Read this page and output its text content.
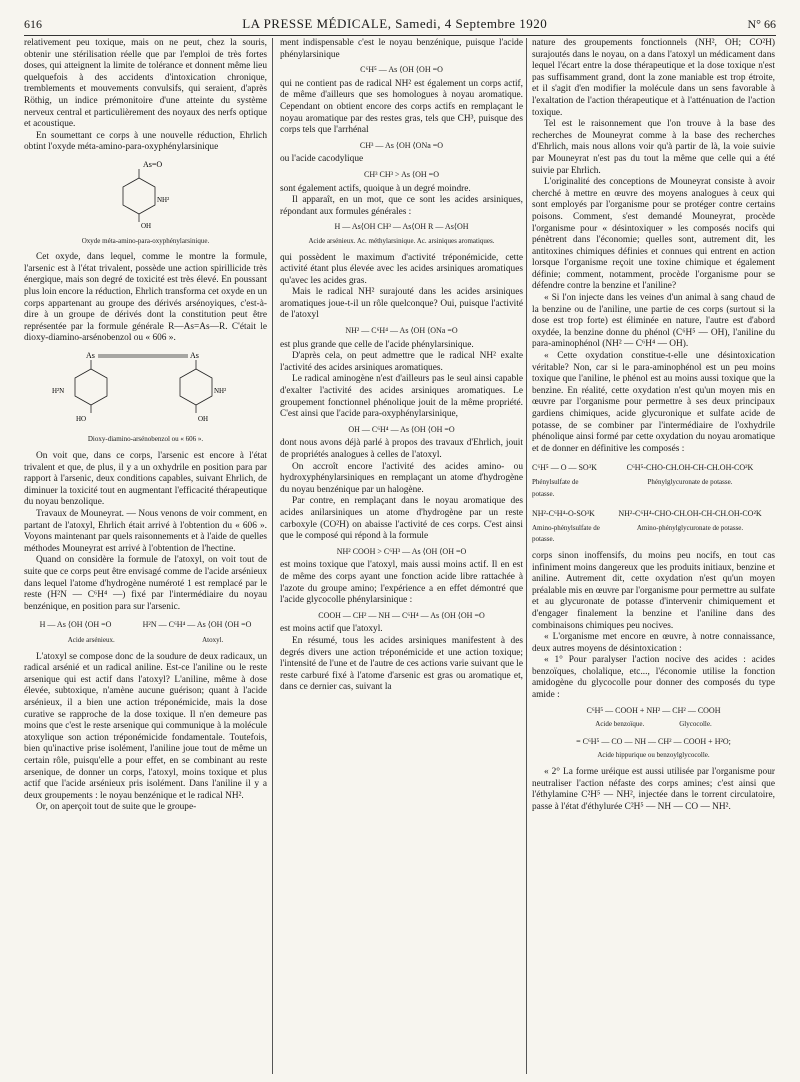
616	LA PRESSE MÉDICALE, Samedi, 4 Septembre 1920	N° 66

relativement peu toxique, mais on ne peut, chez la souris, obtenir une stérilisation réelle que par l'emploi de très fortes doses, qui atteignent la limite de tolérance et donnent même lieu quelquefois à des accidents d'intoxication chronique, tremblements et mouvements convulsifs, qui seraient, d'après Röthig, un indice prémonitoire d'une atteinte du système nerveux central et particulièrement des noyaux des nerfs optique et acoustique.

En soumettant ce corps à une nouvelle réduction, Ehrlich obtint l'oxyde méta-amino-para-oxyphénylarsinique

As=O
NH²
OH
Oxyde méta-amino-para-oxyphénylarsinique.

Cet oxyde, dans lequel, comme le montre la formule, l'arsenic est à l'état trivalent, possède une action spirillicide très énergique, mais son degré de toxicité est très élevé. En poussant plus loin encore la réduction, Ehrlich transforma cet oxyde en un corps appartenant au groupe des dérivés arsénoyiques, c'est-à-dire à un groupe de dérivés dont la constitution peut être représentée par la formule générale R—As=As—R. C'était le dioxy-diamino-arsénobenzol ou « 606 ».

As	As
H²N
HO
NH²
OH
Dioxy-diamino-arsénobenzol ou « 606 ».

On voit que, dans ce corps, l'arsenic est encore à l'état trivalent et que, de plus, il y a un oxhydrile en position para par rapport à l'arsenic, deux conditions capables, suivant Ehrlich, de diminuer la toxicité tout en augmentant l'efficacité thérapeutique du noyau benzolique.

Travaux de Mouneyrat. — Nous venons de voir comment, en partant de l'atoxyl, Ehrlich était arrivé à l'obtention du « 606 ». Voyons maintenant par quels raisonnements et à l'aide de quelles méthodes Mouneyrat est arrivé à l'obtention de l'hectine.

Quand on considère la formule de l'atoxyl, on voit tout de suite que ce corps peut être envisagé comme de l'acide arsénieux dans lequel l'atome d'hydrogène numéroté 1 est remplacé par le reste (H²N — C⁶H⁴ —) fixé par l'intermédiaire du noyau benzénique, en position para sur l'arsenic.

H — As ⟨OH ⟨OH =O	H²N — C⁶H⁴ — As ⟨OH ⟨OH =O
Acide arsénieux.	Atoxyl.

L'atoxyl se compose donc de la soudure de deux radicaux, un radical arsénié et un radical aniline. Est-ce l'aniline ou le reste arsenique qui est actif dans l'atoxyl? L'aniline, même à dose élevée, subtoxique, n'amène aucune guérison; quant à l'acide arsénieux, il a bien une action tréponémicide, mais la dose curative se rapproche de la dose toxique. Il n'en demeure pas moins que c'est le reste arsenique qui communique à la molécule atoxylique son action tréponémicide fondamentale. Toutefois, bien qu'inactive prise isolément, l'aniline joue tout de même un certain rôle, puisqu'elle a pour effet, en se combinant au reste arsenique, de donner un corps, l'atoxyl, moins toxique et plus actif que l'acide arsénieux pris isolément. Dans l'aniline il y a deux groupements : le noyau benzénique et le radical NH².

Or, on aperçoit tout de suite que le groupe-

ment indispensable c'est le noyau benzénique, puisque l'acide phénylarsinique

C⁶H⁵ — As ⟨OH ⟨OH =O

qui ne contient pas de radical NH² est également un corps actif, de même d'ailleurs que ses homologues à noyau aromatique. Cependant on obtient encore des corps actifs en remplaçant le noyau aromatique par des restes gras, tels que CH³, puisque des corps tels que l'arrhénal

CH³ — As ⟨OH ⟨ONa =O

ou l'acide cacodylique

CH³ CH³ > As ⟨OH =O

sont également actifs, quoique à un degré moindre.

Il apparaît, en un mot, que ce sont les acides arsiniques, répondant aux formules générales :

H — As⟨OH CH³ — As⟨OH R — As⟨OH
Acide arsénieux. Ac. méthylarsinique. Ac. arsiniques aromatiques.

qui possèdent le maximum d'activité tréponémicide, cette activité étant plus élevée avec les acides arsiniques aromatiques qu'avec les acides gras.

Mais le radical NH² surajouté dans les acides arsiniques aromatiques joue-t-il un rôle quelconque? Oui, puisque l'activité de l'atoxyl

NH² — C⁶H⁴ — As ⟨OH ⟨ONa =O

est plus grande que celle de l'acide phénylarsinique.

D'après cela, on peut admettre que le radical NH² exalte l'activité des acides arsiniques aromatiques.

Le radical aminogène n'est d'ailleurs pas le seul ainsi capable d'exalter l'activité des acides arsiniques aromatiques. Le groupement fonctionnel phénolique jouit de la même propriété. C'est ainsi que l'acide para-oxyphénylarsinique,

OH — C⁶H⁴ — As ⟨OH ⟨OH =O

dont nous avons déjà parlé à propos des travaux d'Ehrlich, jouit de propriétés analogues à celles de l'atoxyl.

On accroît encore l'activité des acides amino- ou hydroxyphénylarsiniques en remplaçant un atome d'hydrogène du noyau benzénique par un halogène.

Par contre, en remplaçant dans le noyau aromatique des acides anilarsiniques un atome d'hydrogène par un reste carboxyle (CO²H) on abaisse l'activité de ces corps. C'est ainsi que le composé qui répond à la formule

NH² COOH > C⁶H³ — As ⟨OH ⟨OH =O

est moins toxique que l'atoxyl, mais aussi moins actif. Il en est de même des corps ayant une fonction acide libre rattachée à l'azote du groupe amino; l'expérience a en effet démontré que l'acide glycocolle phénylarsinique :

COOH — CH² — NH — C⁶H⁴ — As ⟨OH ⟨OH =O

est moins actif que l'atoxyl.

En résumé, tous les acides arsiniques manifestent à des degrés divers une action tréponémicide et une action toxique; l'intensité de l'une et de l'autre de ces actions varie suivant que le reste carburé fixé à l'atome d'arsenic est gras ou aromatique et, dans ce dernier cas, suivant la

nature des groupements fonctionnels (NH², OH; CO²H) surajoutés dans le noyau, on a dans l'atoxyl un médicament dans lequel l'écart entre la dose thérapeutique et la dose toxique n'est pas suffisamment grand, dont la zone maniable est trop étroite, et il s'agit d'en modifier la molécule dans un sens favorable à l'exaltation de l'action thérapeutique et à l'atténuation de l'action toxique.

Tel est le raisonnement que l'on trouve à la base des recherches de Mouneyrat comme à la base des recherches d'Ehrlich, mais nous allons voir qu'à partir de là, la voie suivie par Mouneyrat n'est pas du tout la même que celle qui a été suivie par Ehrlich.

L'originalité des conceptions de Mouneyrat consiste à avoir cherché à mettre en œuvre des moyens analogues à ceux qui sont employés par l'organisme pour se protéger contre certains poisons. Comment, s'est demandé Mouneyrat, procède l'organisme pour « désintoxiquer » les composés nocifs qui pénètrent dans l'économie; quelles sont, autrement dit, les antitoxines chimiques définies et connues qui entrent en action lorsque l'organisme reçoit une toxine chimique et également définie; comment, notamment, procède l'organisme pour se défendre contre la benzine et l'aniline?

« Si l'on injecte dans les veines d'un animal à sang chaud de la benzine ou de l'aniline, une partie de ces corps (surtout si la dose est trop forte) est éliminée en nature, l'autre est d'abord oxydée, la benzine donne du phénol (C⁶H⁵ — OH), l'aniline du para-aminophénol (NH² — C⁶H⁴ — OH).

« Cette oxydation constitue-t-elle une désintoxication véritable? Non, car si le para-aminophénol est un peu moins toxique que l'aniline, le phénol est au moins aussi toxique que la benzine. En réalité, cette oxydation n'est qu'un moyen mis en œuvre par l'organisme pour permettre à ses deux principaux gardiens chimiques, acide glycuronique et sulfate acide de potasse, de se combiner par l'intermédiaire de l'oxhydrile phénolique ainsi formé par cette oxydation du noyau aromatique et de donner en définitive les composés :

C⁶H⁵ — O — SO³K
Phénylsulfate de potasse.
C⁶H⁵-CHO-CH.OH-CH-CH.OH-CO²K
Phénylglycuronate de potasse.
NH²-C⁶H⁴-O-SO³K
Amino-phénylsulfate de potasse.
NH²-C⁶H⁴-CHO-CH.OH-CH-CH.OH-CO²K
Amino-phénylglycuronate de potasse.

corps sinon inoffensifs, du moins peu nocifs, en tout cas infiniment moins dangereux que les produits initiaux, benzine et aniline. Autrement dit, cette oxydation n'est qu'un moyen préalable mis en œuvre par l'organisme pour permettre au sulfate et au glycuronate de potasse d'intervenir chimiquement et d'engager finalement la benzine et l'aniline dans des combinaisons chimiques peu nocives.

« L'organisme met encore en œuvre, à notre connaissance, deux autres moyens de désintoxication :

« 1° Pour paralyser l'action nocive des acides : acides benzoïques, cholalique, etc..., l'économie utilise la fonction amidogène du glycocolle pour donner des composés du type amide :

C⁶H⁵ — COOH + NH² — CH² — COOH
Acide benzoïque.                    Glycocolle.
= C⁶H⁵ — CO — NH — CH² — COOH + H²O;
Acide hippurique ou benzoylglycocolle.

« 2° La forme uréique est aussi utilisée par l'organisme pour neutraliser l'action néfaste des corps amines; c'est ainsi que l'éthylamine C²H⁵ — NH², injectée dans le torrent circulatoire, passe à l'état d'éthylurée C²H⁵ — NH — CO — NH².
